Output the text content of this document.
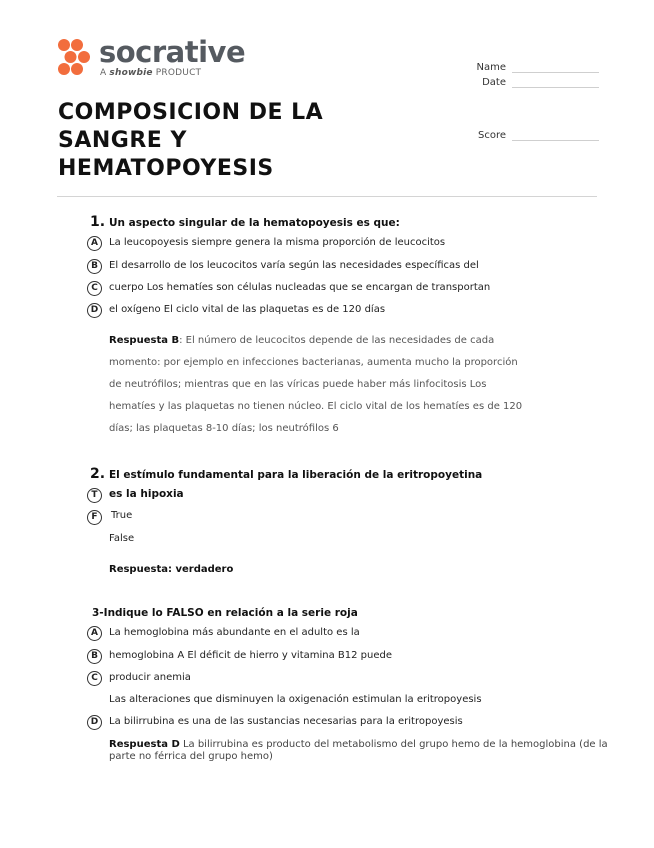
socrative
A showbie PRODUCT
COMPOSICION DE LA SANGRE Y HEMATOPOYESIS
Name
Date
Score
1. Un aspecto singular de la hematopoyesis es que:
A	La leucopoyesis siempre genera la misma proporción de leucocitos
B	El desarrollo de los leucocitos varía según las necesidades específicas del
C	cuerpo Los hematíes son células nucleadas que se encargan de transportan
D	el oxígeno El ciclo vital de las plaquetas es de 120 días
Respuesta B: El número de leucocitos depende de las necesidades de cada momento: por ejemplo en infecciones bacterianas, aumenta mucho la proporción de neutrófilos; mientras que en las víricas puede haber más linfocitosis Los hematíes y las plaquetas no tienen núcleo. El ciclo vital de los hematíes es de 120 días; las plaquetas 8-10 días; los neutrófilos 6
2. El estímulo fundamental para la liberación de la eritropoyetina
T	es la hipoxia
F	True
False
Respuesta: verdadero
3-Indique lo FALSO en relación a la serie roja
A	La hemoglobina más abundante en el adulto es la
B	hemoglobina A El déficit de hierro y vitamina B12 puede
C	producir anemia
Las alteraciones que disminuyen la oxigenación estimulan la eritropoyesis
D	La bilirrubina es una de las sustancias necesarias para la eritropoyesis
Respuesta D La bilirrubina es producto del metabolismo del grupo hemo de la hemoglobina (de la parte no férrica del grupo hemo)
